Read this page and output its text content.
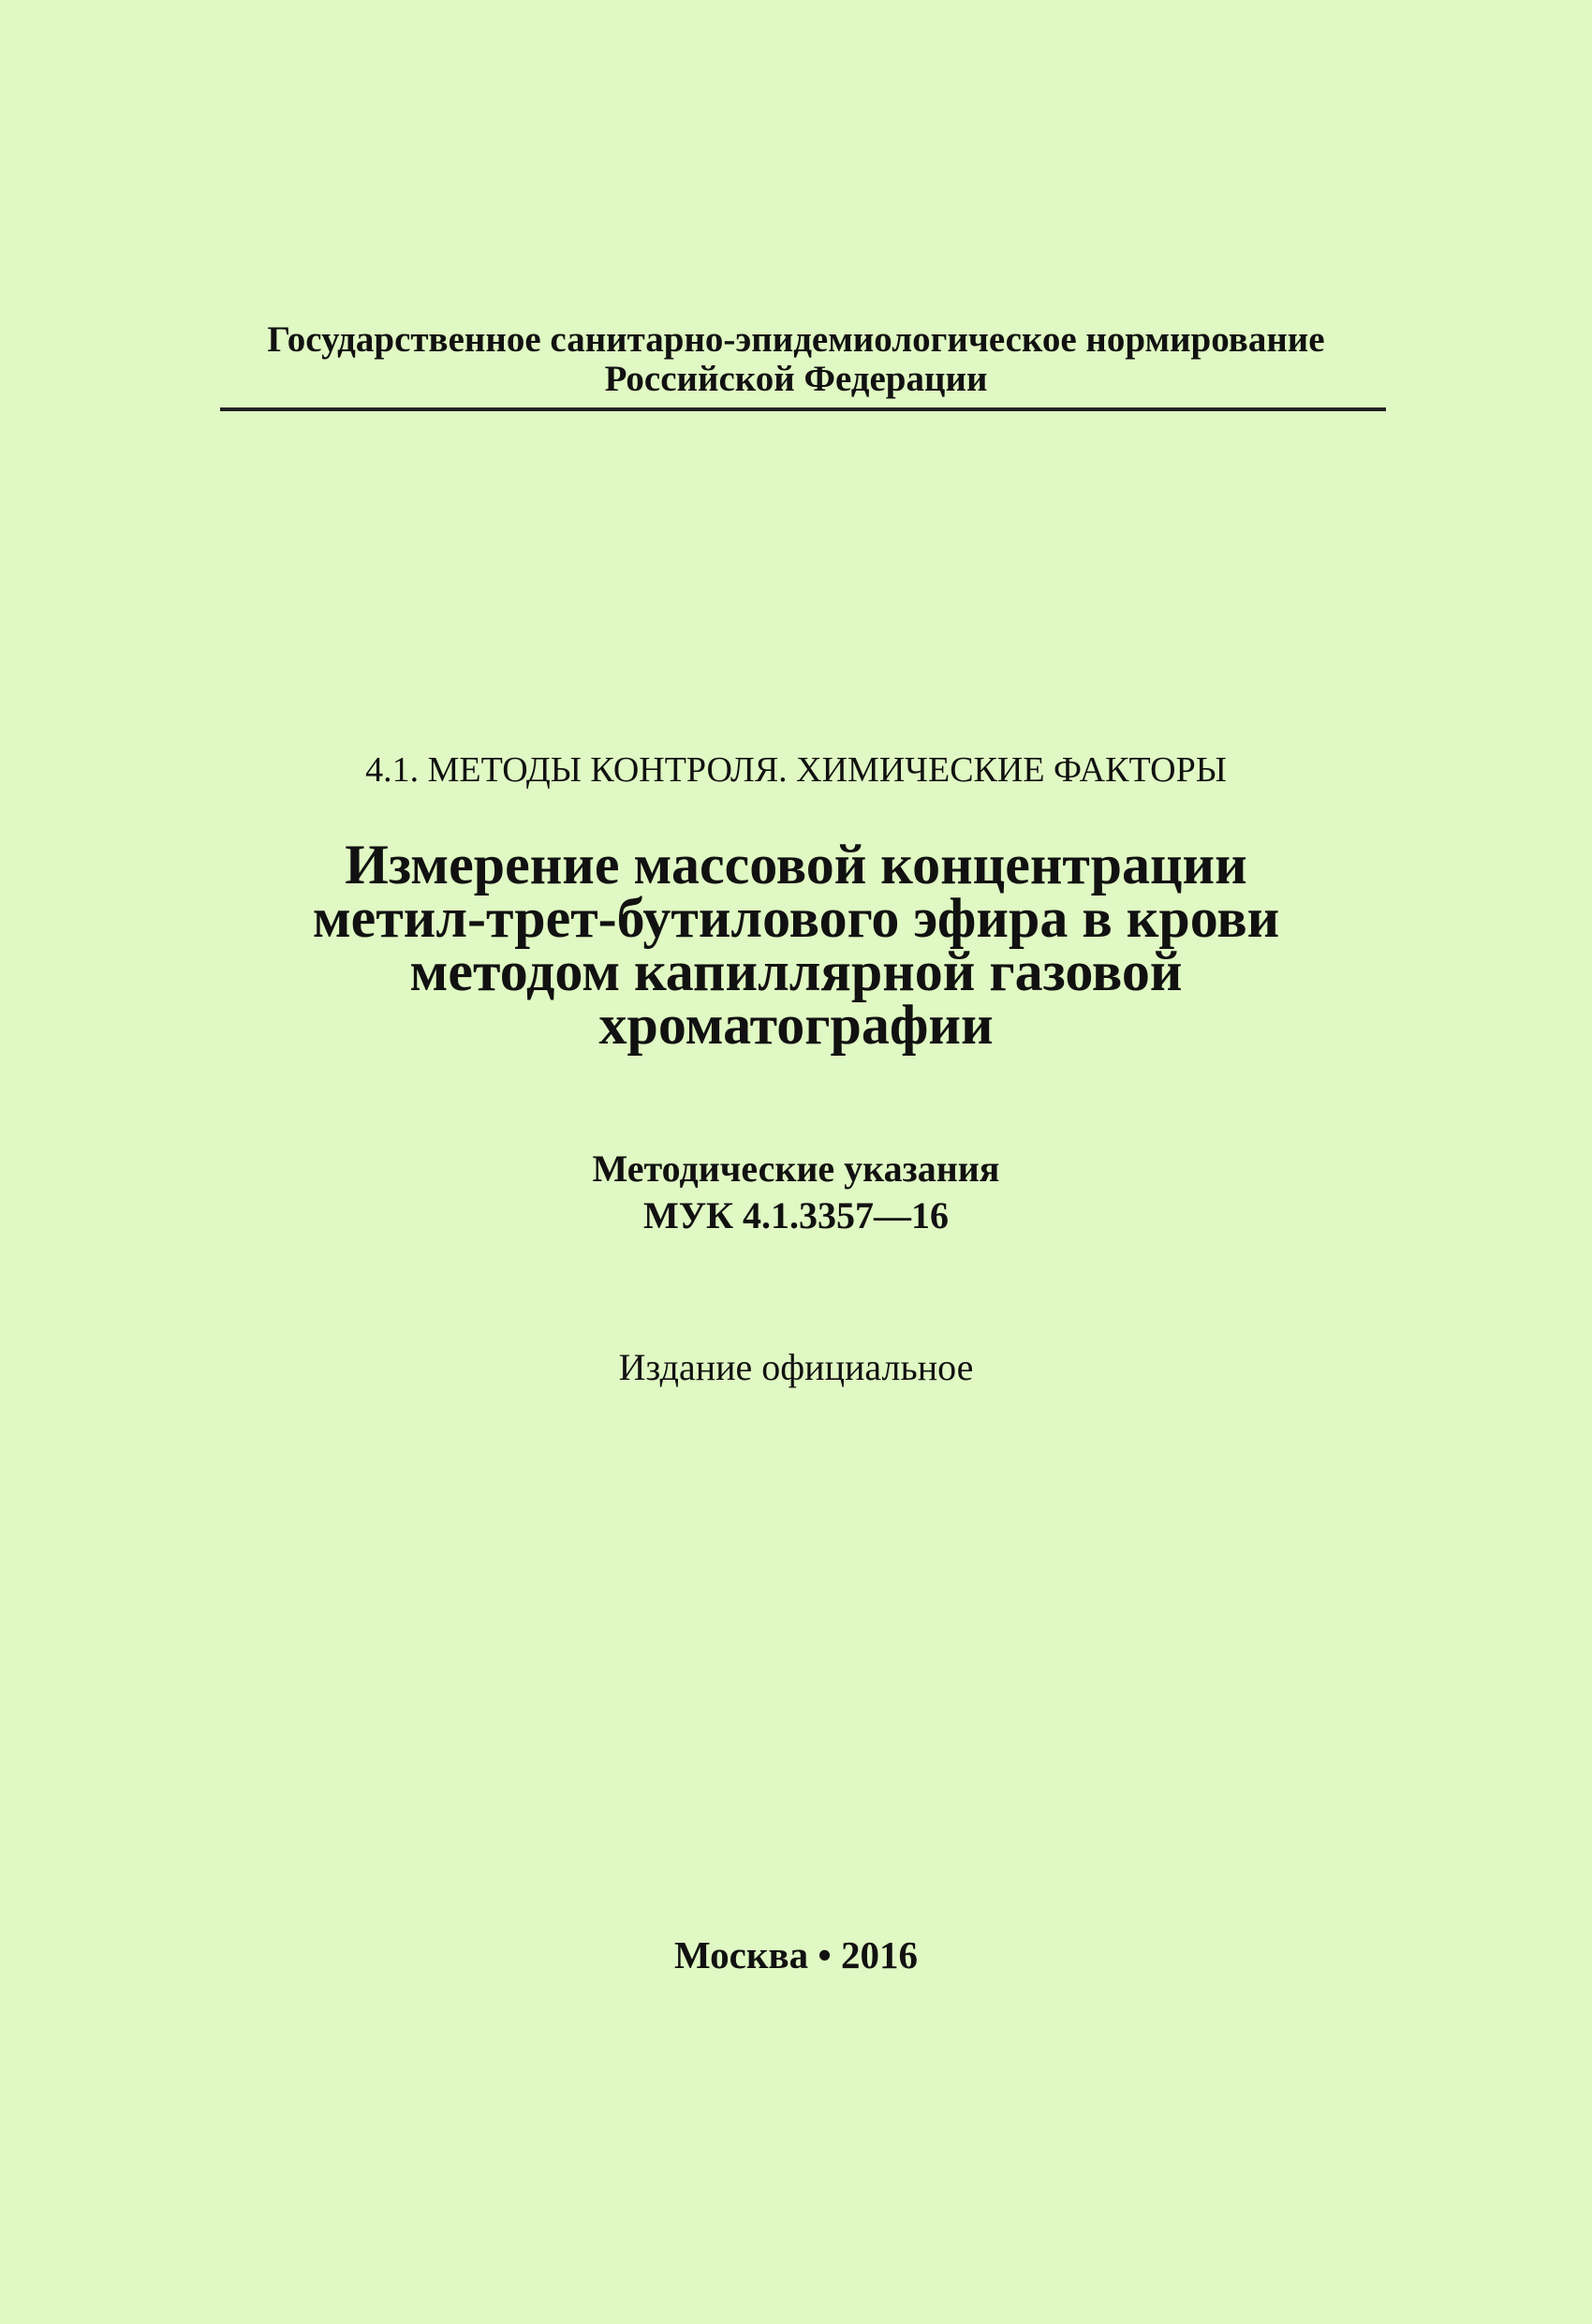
Государственное санитарно-эпидемиологическое нормирование
Российской Федерации
4.1. МЕТОДЫ КОНТРОЛЯ. ХИМИЧЕСКИЕ ФАКТОРЫ
Измерение массовой концентрации
метил-трет-бутилового эфира в крови
методом капиллярной газовой
хроматографии
Методические указания
МУК 4.1.3357—16
Издание официальное
Москва • 2016
